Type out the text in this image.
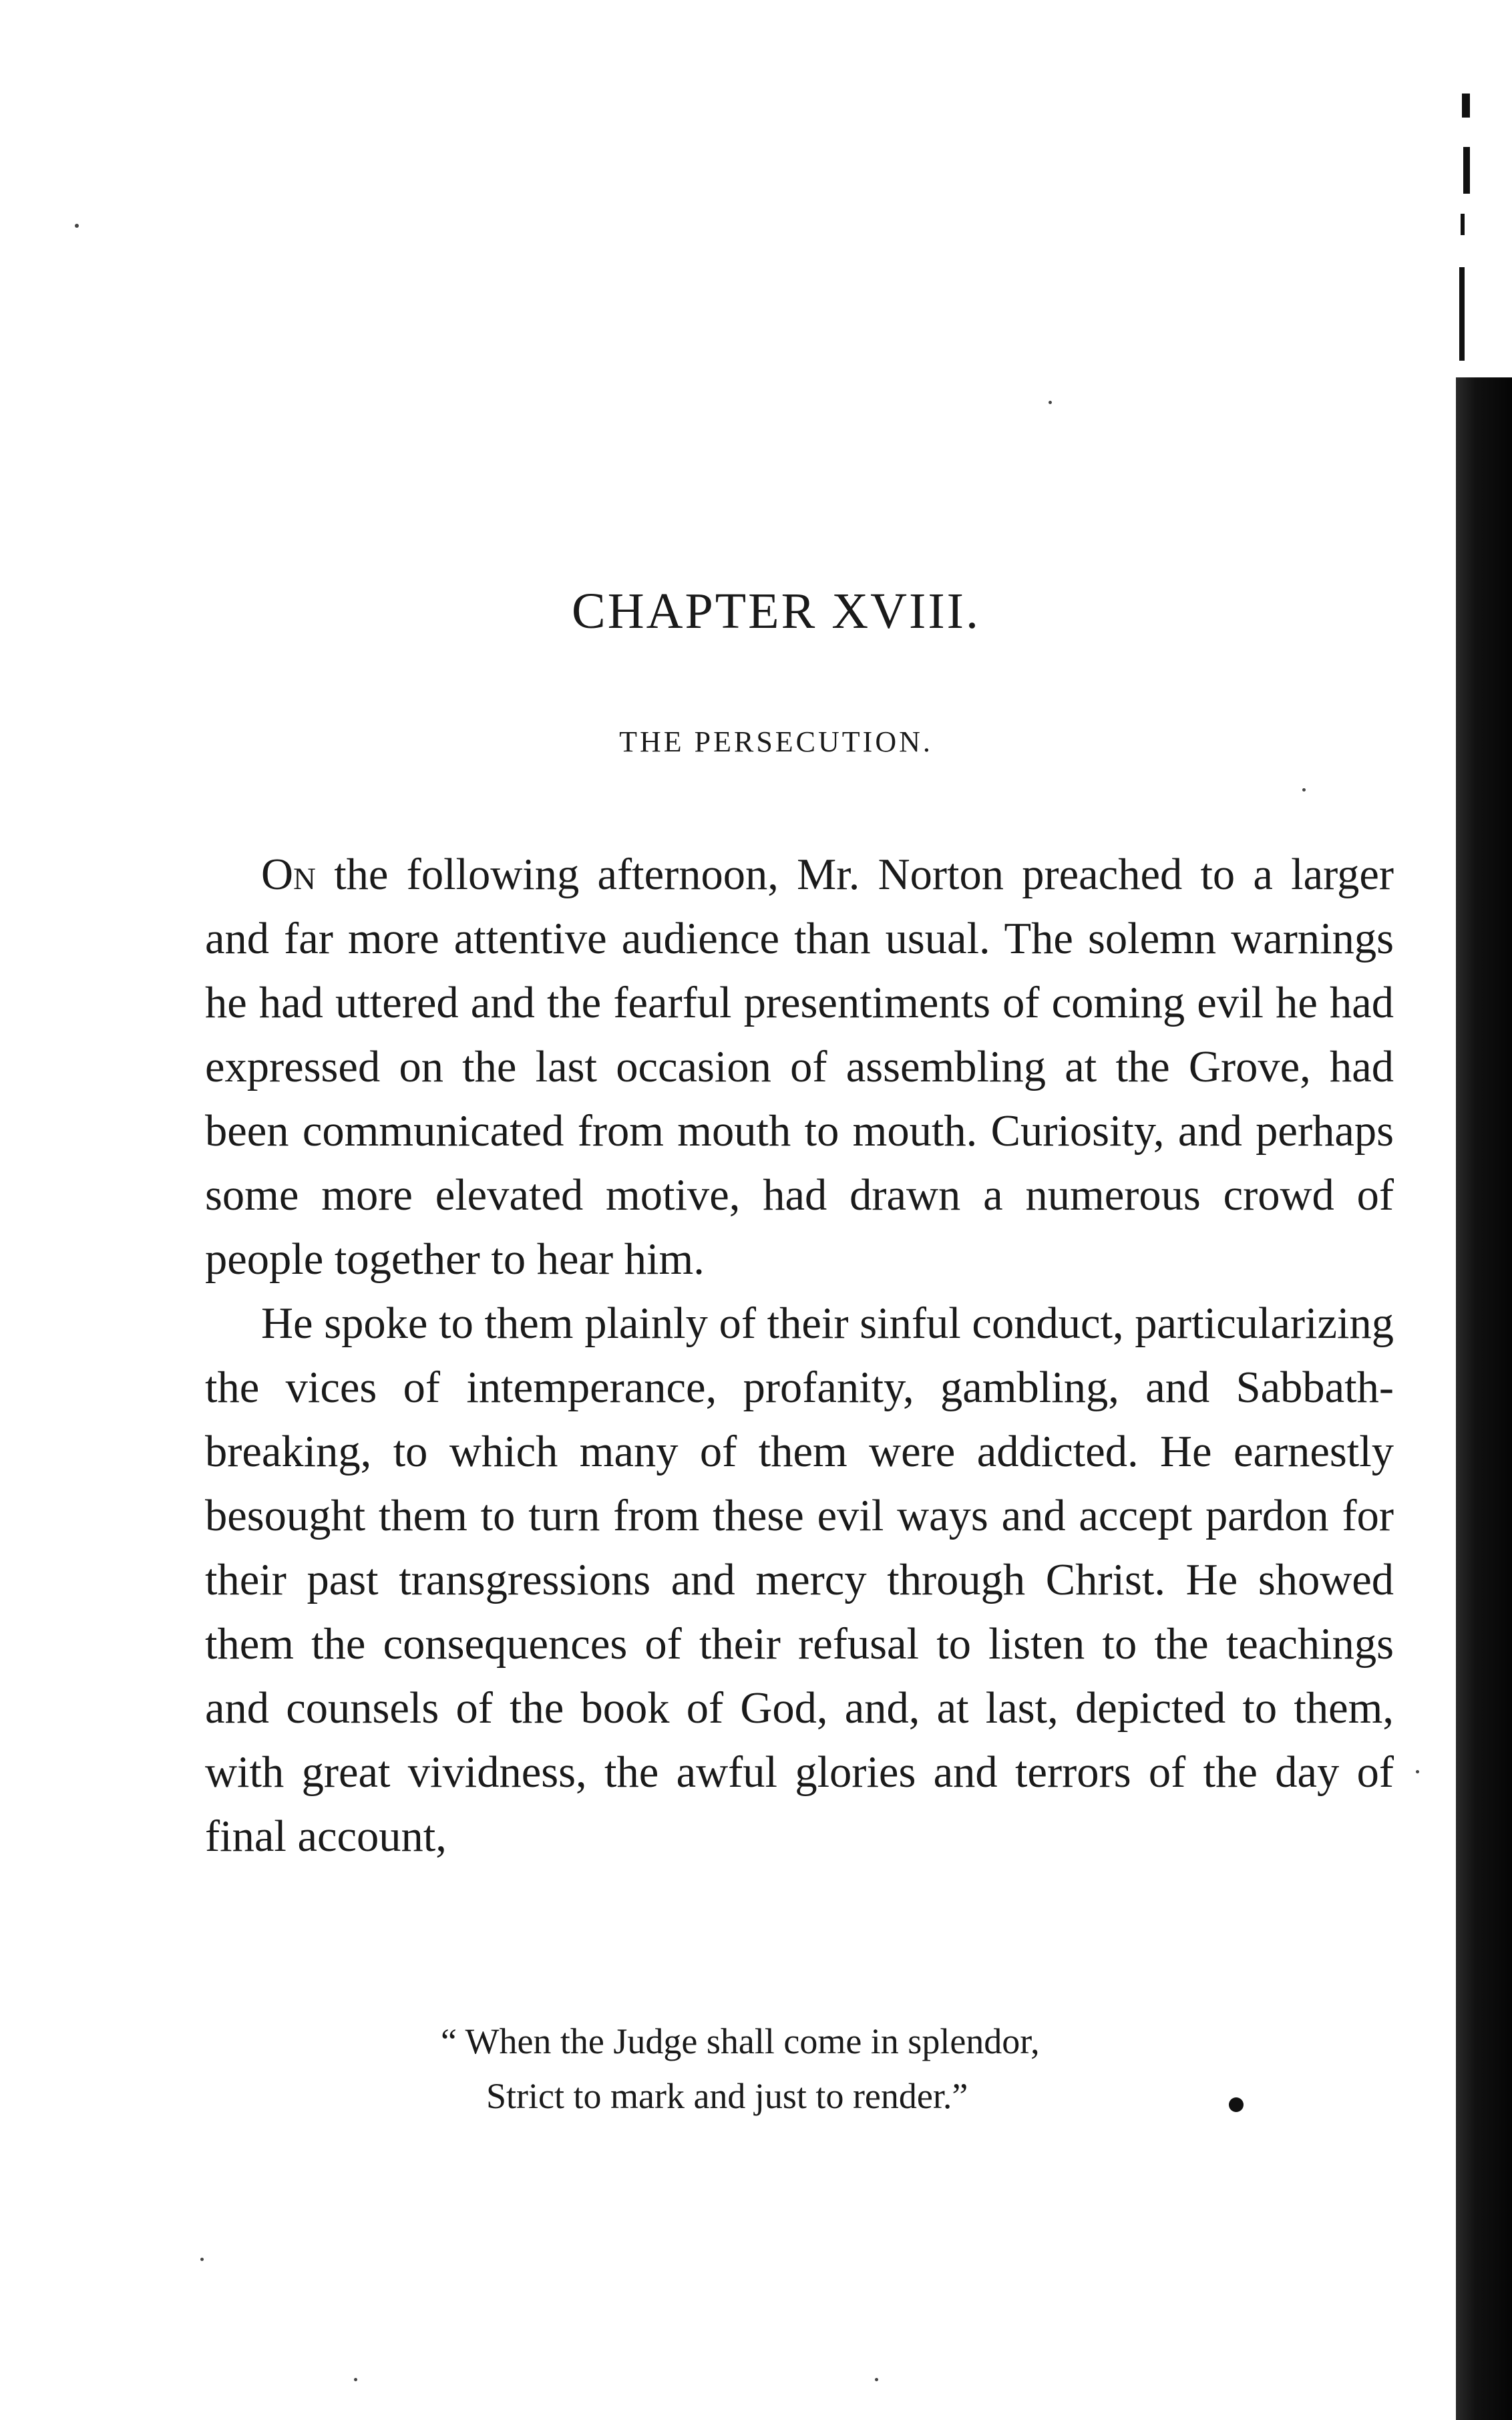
CHAPTER XVIII.
THE PERSECUTION.

On the following afternoon, Mr. Norton preached to a larger and far more attentive audience than usual. The solemn warnings he had uttered and the fearful presentiments of coming evil he had expressed on the last occasion of assembling at the Grove, had been communicated from mouth to mouth. Curiosity, and perhaps some more elevated motive, had drawn a numerous crowd of people together to hear him.

He spoke to them plainly of their sinful conduct, particularizing the vices of intemperance, profanity, gambling, and Sabbath-breaking, to which many of them were addicted. He earnestly besought them to turn from these evil ways and accept pardon for their past transgressions and mercy through Christ. He showed them the consequences of their refusal to listen to the teachings and counsels of the book of God, and, at last, depicted to them, with great vividness, the awful glories and terrors of the day of final account,

“ When the Judge shall come in splendor,
Strict to mark and just to render.”
